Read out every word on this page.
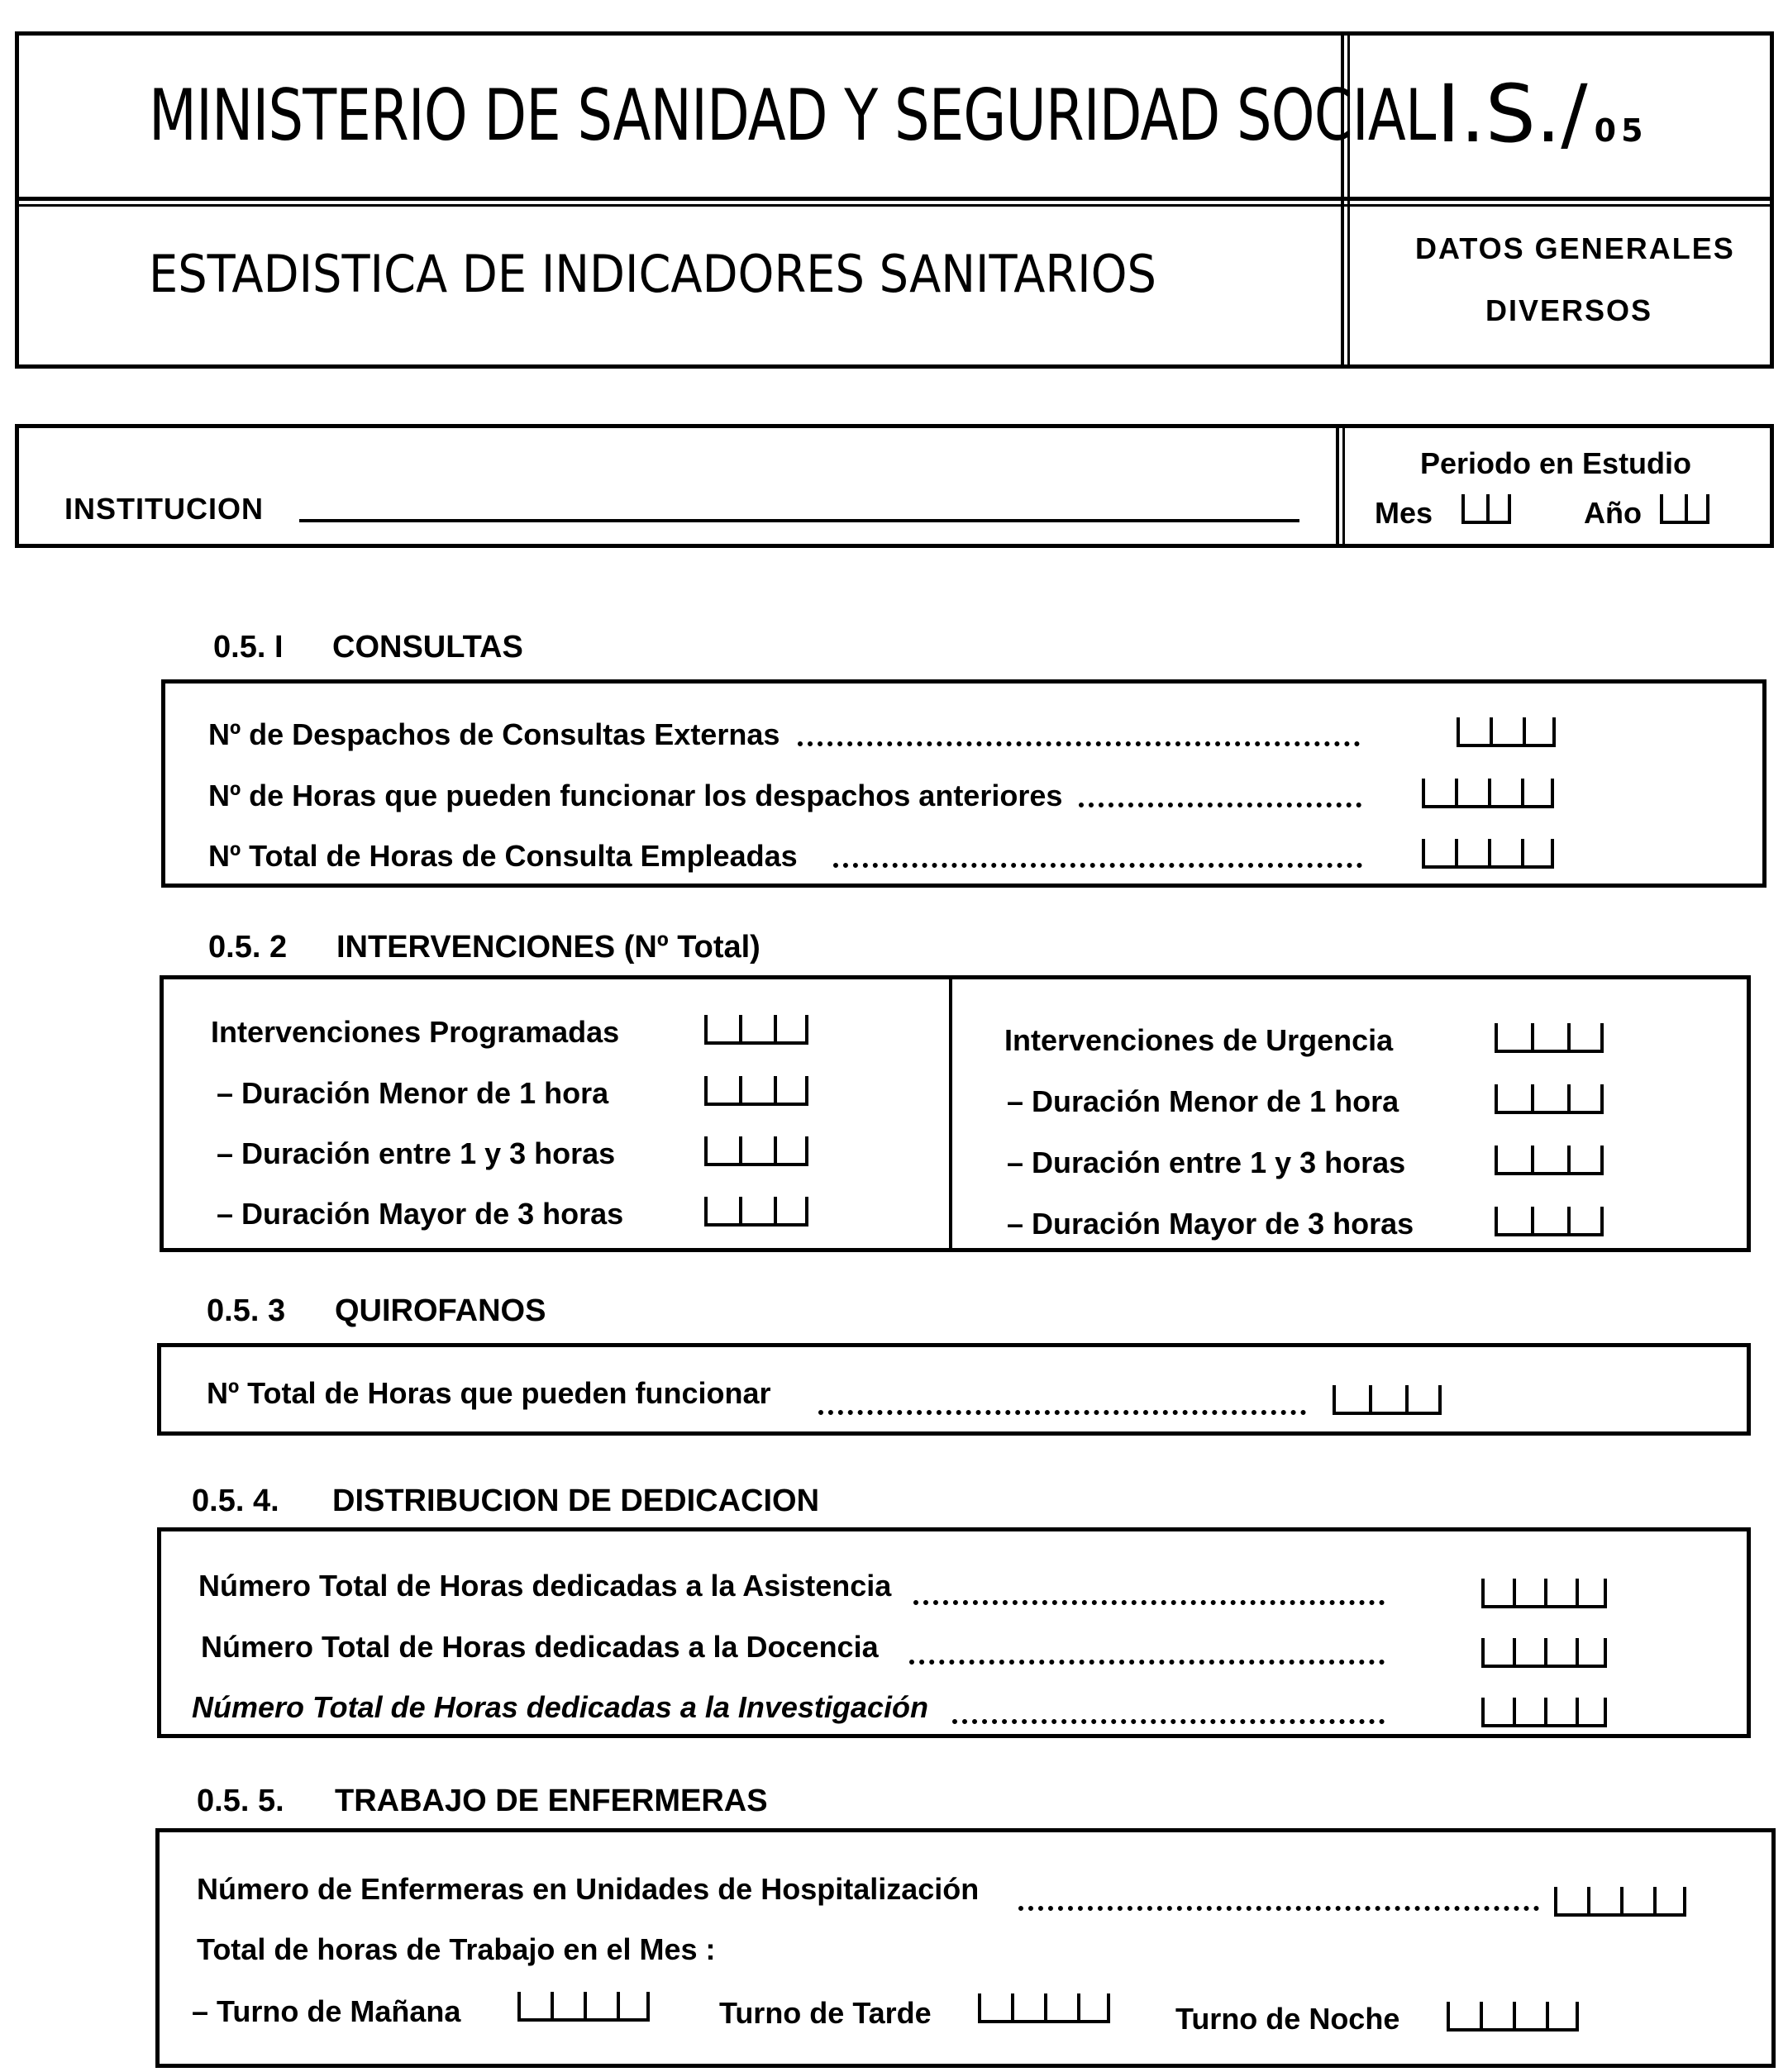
MINISTERIO DE SANIDAD Y SEGURIDAD SOCIAL I.S./ 05
ESTADISTICA DE INDICADORES SANITARIOS	DATOS GENERALES
DIVERSOS
INSTITUCION
Periodo en Estudio
Mes	Año
0.5. I CONSULTAS
Nº de Despachos de Consultas Externas
Nº de Horas que pueden funcionar los despachos anteriores
Nº Total de Horas de Consulta Empleadas
0.5. 2 INTERVENCIONES (Nº Total)
Intervenciones Programadas
– Duración Menor de 1 hora
– Duración entre 1 y 3 horas
– Duración Mayor de 3 horas
Intervenciones de Urgencia
– Duración Menor de 1 hora
– Duración entre 1 y 3 horas
– Duración Mayor de 3 horas
0.5. 3 QUIROFANOS
Nº Total de Horas que pueden funcionar
0.5. 4. DISTRIBUCION DE DEDICACION
Número Total de Horas dedicadas a la Asistencia
Número Total de Horas dedicadas a la Docencia
Número Total de Horas dedicadas a la Investigación
0.5. 5. TRABAJO DE ENFERMERAS
Número de Enfermeras en Unidades de Hospitalización
Total de horas de Trabajo en el Mes :
– Turno de Mañana	Turno de Tarde	Turno de Noche
